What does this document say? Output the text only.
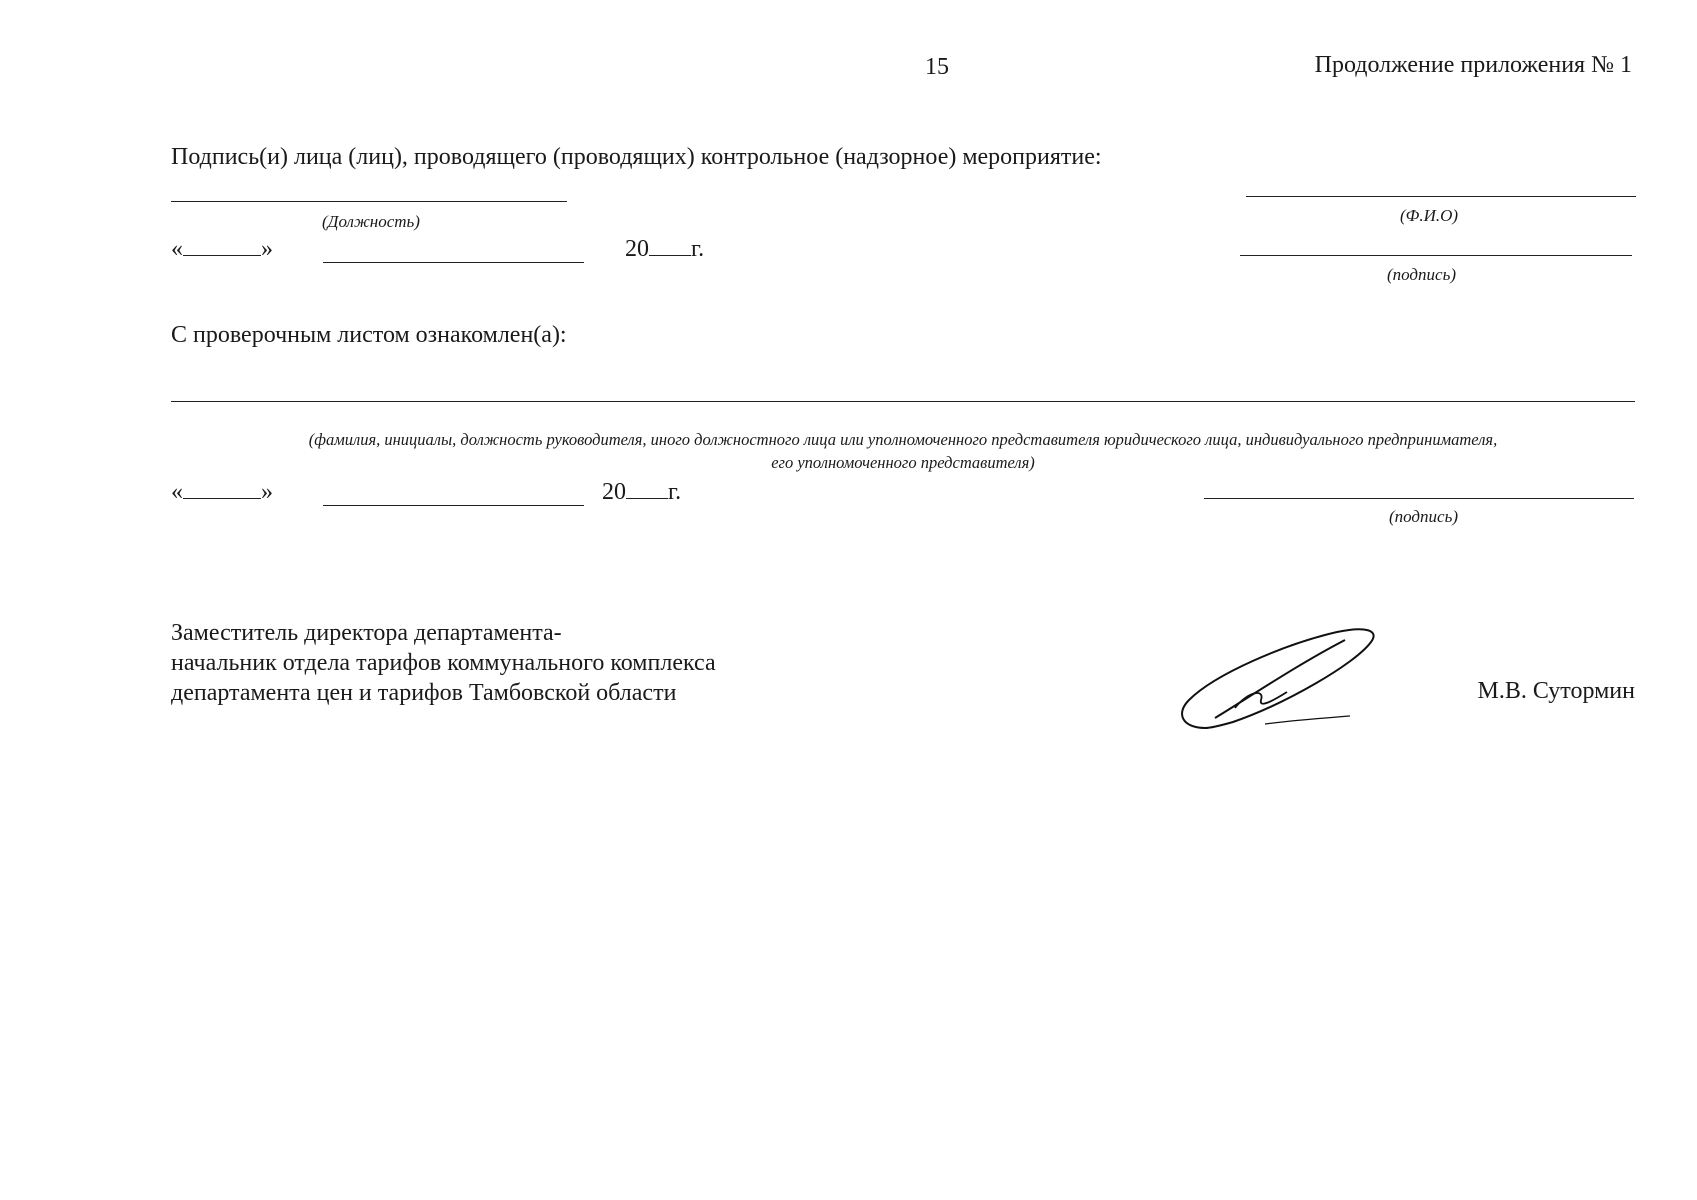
15	Продолжение приложения № 1
Подпись(и) лица (лиц), проводящего (проводящих) контрольное (надзорное) мероприятие:
(Должность)	(Ф.И.О)
«	»	20 г.
(подпись)
С проверочным листом ознакомлен(а):
(фамилия, инициалы, должность руководителя, иного должностного лица или уполномоченного представителя юридического лица, индивидуального предпринимателя,
его уполномоченного представителя)
«	»	20 г.
(подпись)
Заместитель директора департамента-
начальник отдела тарифов коммунального комплекса
департамента цен и тарифов Тамбовской области	М.В. Сутормин
